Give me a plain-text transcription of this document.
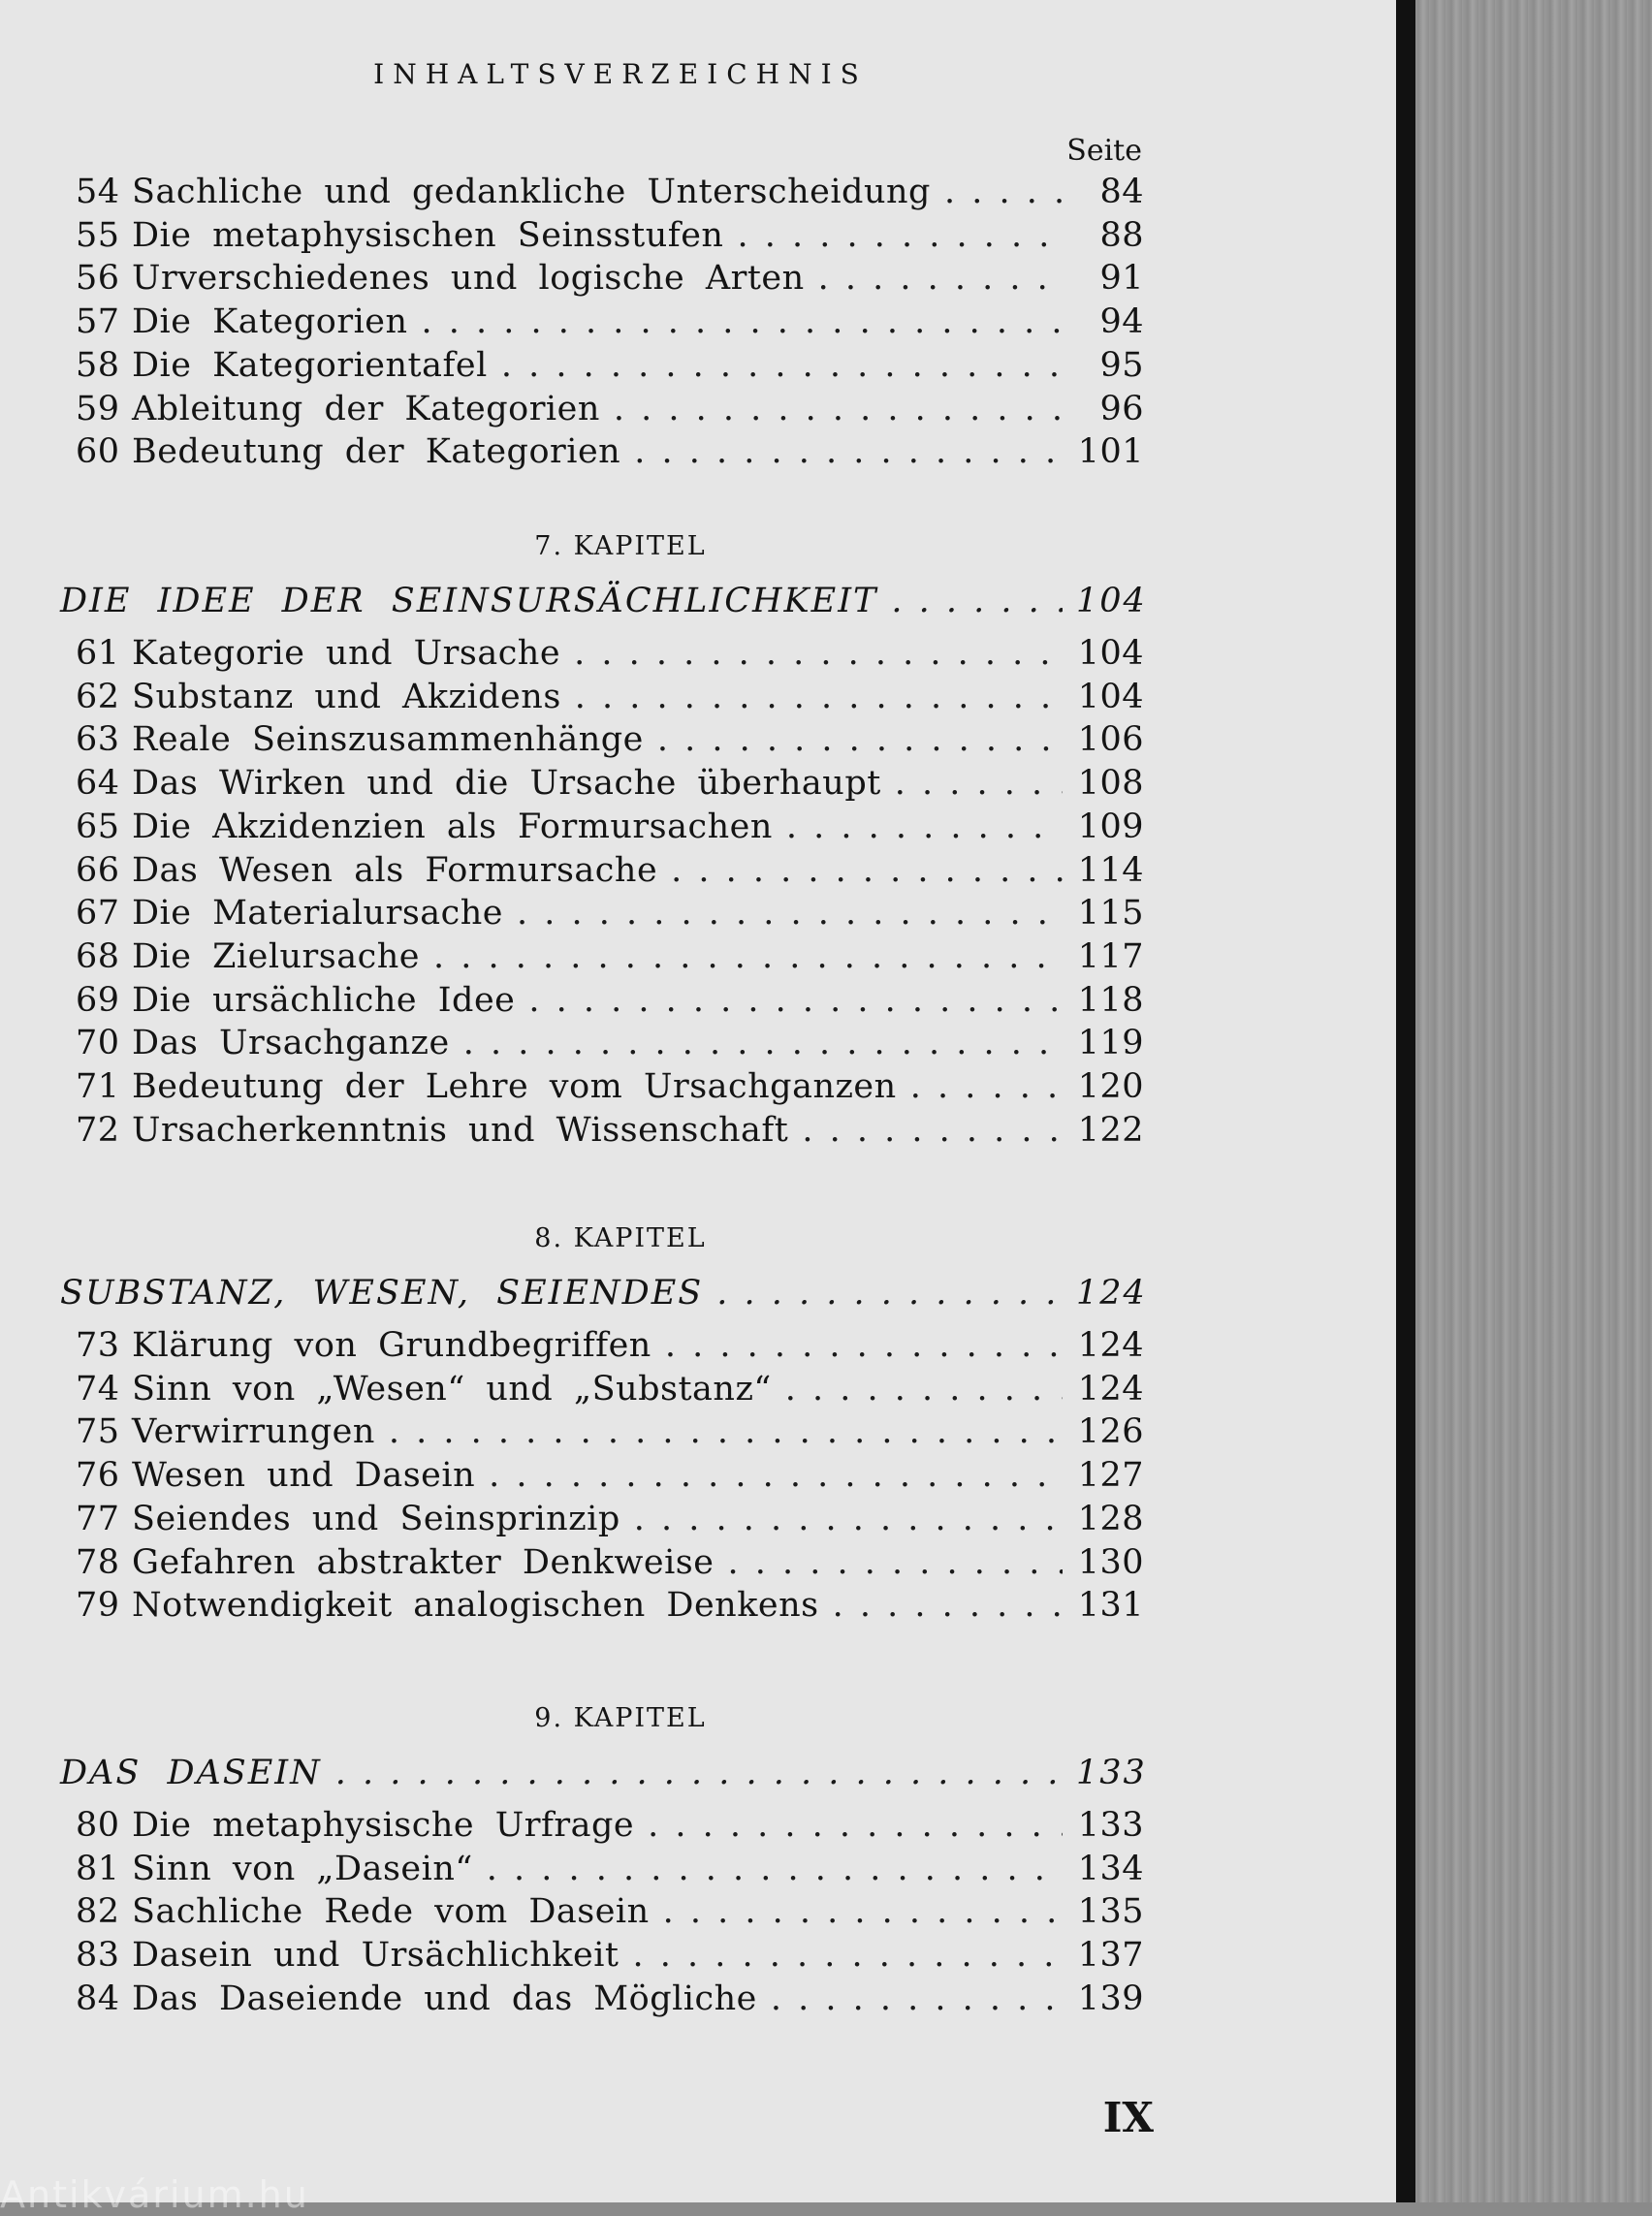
INHALTSVERZEICHNIS
Seite
54 Sachliche und gedankliche Unterscheidung . . .	84
55 Die metaphysischen Seinsstufen . . .	88
56 Urverschiedenes und logische Arten . . .	91
57 Die Kategorien . . .	94
58 Die Kategorientafel . . .	95
59 Ableitung der Kategorien . . .	96
60 Bedeutung der Kategorien . . .	101
7. KAPITEL
DIE IDEE DER SEINSURSÄCHLICHKEIT . . .	104
61 Kategorie und Ursache . . .	104
62 Substanz und Akzidens . . .	104
63 Reale Seinszusammenhänge . . .	106
64 Das Wirken und die Ursache überhaupt . . .	108
65 Die Akzidenzien als Formursachen . . .	109
66 Das Wesen als Formursache . . .	114
67 Die Materialursache . . .	115
68 Die Zielursache . . .	117
69 Die ursächliche Idee . . .	118
70 Das Ursachganze . . .	119
71 Bedeutung der Lehre vom Ursachganzen . . .	120
72 Ursacherkenntnis und Wissenschaft . . .	122
8. KAPITEL
SUBSTANZ, WESEN, SEIENDES . . .	124
73 Klärung von Grundbegriffen . . .	124
74 Sinn von „Wesen“ und „Substanz“ . . .	124
75 Verwirrungen . . .	126
76 Wesen und Dasein . . .	127
77 Seiendes und Seinsprinzip . . .	128
78 Gefahren abstrakter Denkweise . . .	130
79 Notwendigkeit analogischen Denkens . . .	131
9. KAPITEL
DAS DASEIN . . .	133
80 Die metaphysische Urfrage . . .	133
81 Sinn von „Dasein“ . . .	134
82 Sachliche Rede vom Dasein . . .	135
83 Dasein und Ursächlichkeit . . .	137
84 Das Daseiende und das Mögliche . . .	139
IX
Antikvárium.hu
